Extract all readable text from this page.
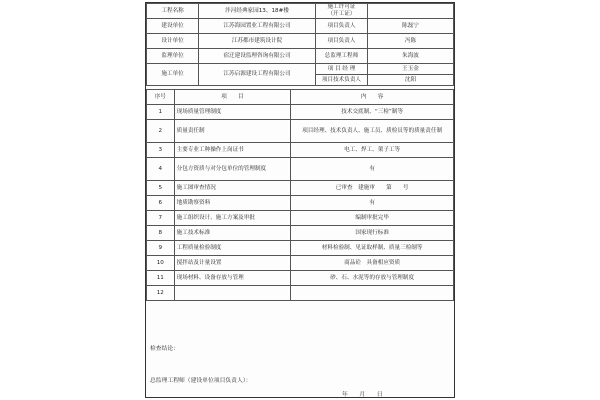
工程名称	泮河经典家园13、18#楼	施工许可证
（开工证）	
建设单位	江苏海园置业工程有限公司	项目负责人	陈磊宁
设计单位	江苏都市建筑设计院	项目负责人	冯陈
监理单位	宿迁建设监理咨询有限公司	总监理工程师	朱海波
施工单位	江苏启源建设工程有限公司	项 目 经 理	王玉金
		项目技术负责人	沈阳
序号	项　　目	内　　容
1	现场质量管理制度	技术交底制、“三检”制等
2	质量责任制	项目经理、技术负责人、施工员、质检员等的质量责任制
3	主要专业工种操作上岗证书	电工、焊工、架子工等
4	分包方资质与对分包单位的管理制度	有
5	施工图审查情况	已审查　建施审　　第　　号
6	地质勘察资料	有
7	施工组织设计、施工方案及审批	编制审批完毕
8	施工技术标准	国家现行标准
9	工程质量检验制度	材料检验制、见证取样制、质量三检制等
10	搅拌站及计量设置	商品砼　具备相应资质
11	现场材料、设备存放与管理	砂、石、水泥等的存放与管理制度
12		
检查结论：
总监理工程师（建设单位项目负责人）：
年　　月　　日
